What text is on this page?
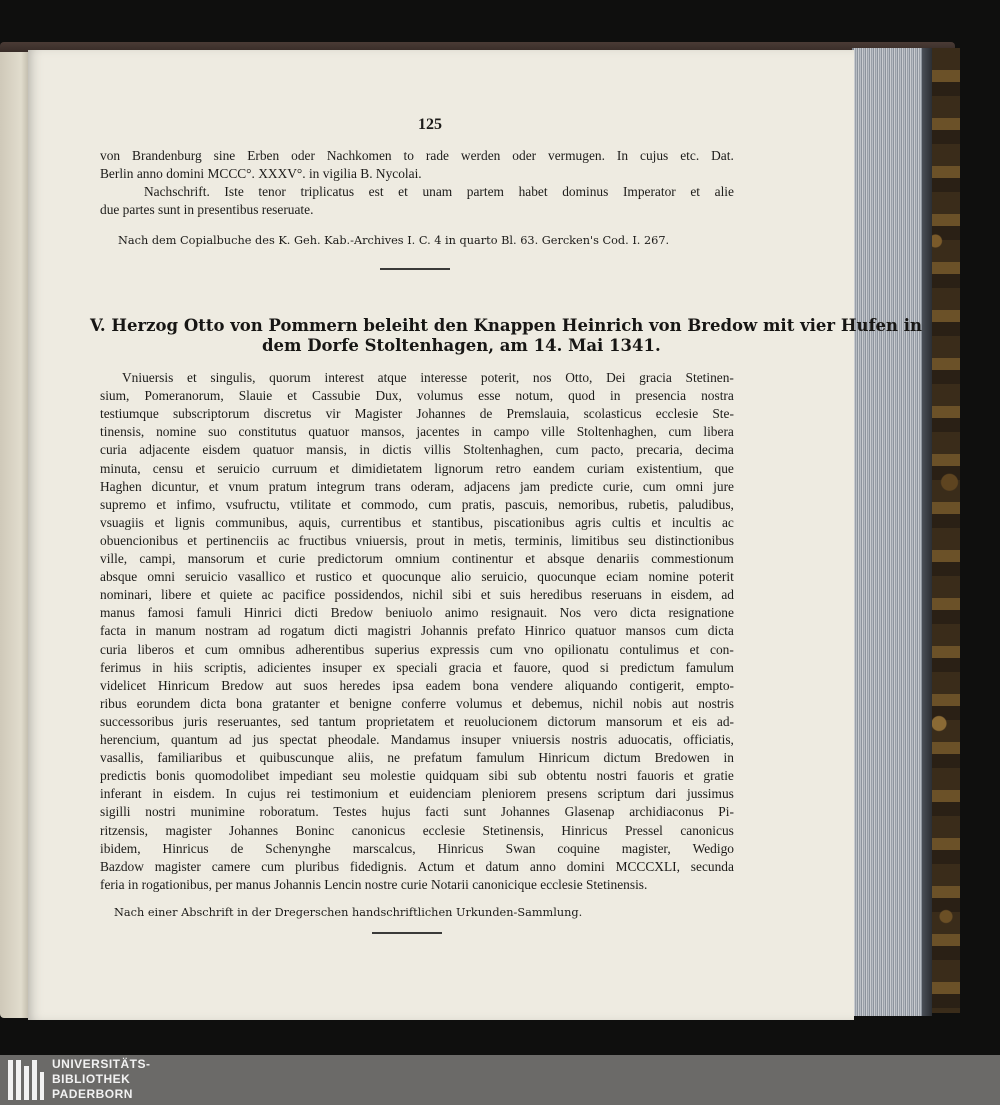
125
von Brandenburg sine Erben oder Nachkomen to rade werden oder vermugen. In cujus etc. Dat.
Berlin anno domini MCCC°. XXXV°. in vigilia B. Nycolai.
Nachschrift. Iste tenor triplicatus est et unam partem habet dominus Imperator et alie
due partes sunt in presentibus reseruate.
Nach dem Copialbuche des K. Geh. Kab.-Archives I. C. 4 in quarto Bl. 63. Gercken's Cod. I. 267.
V. Herzog Otto von Pommern beleiht den Knappen Heinrich von Bredow mit vier Hufen in
dem Dorfe Stoltenhagen, am 14. Mai 1341.
Vniuersis et singulis, quorum interest atque interesse poterit, nos Otto, Dei gracia Stetinen-
sium, Pomeranorum, Slauie et Cassubie Dux, volumus esse notum, quod in presencia nostra
testiumque subscriptorum discretus vir Magister Johannes de Premslauia, scolasticus ecclesie Ste-
tinensis, nomine suo constitutus quatuor mansos, jacentes in campo ville Stoltenhaghen, cum libera
curia adjacente eisdem quatuor mansis, in dictis villis Stoltenhaghen, cum pacto, precaria, decima
minuta, censu et seruicio curruum et dimidietatem lignorum retro eandem curiam existentium, que
Haghen dicuntur, et vnum pratum integrum trans oderam, adjacens jam predicte curie, cum omni jure
supremo et infimo, vsufructu, vtilitate et commodo, cum pratis, pascuis, nemoribus, rubetis, paludibus,
vsuagiis et lignis communibus, aquis, currentibus et stantibus, piscationibus agris cultis et incultis ac
obuencionibus et pertinenciis ac fructibus vniuersis, prout in metis, terminis, limitibus seu distinctionibus
ville, campi, mansorum et curie predictorum omnium continentur et absque denariis commestionum
absque omni seruicio vasallico et rustico et quocunque alio seruicio, quocunque eciam nomine poterit
nominari, libere et quiete ac pacifice possidendos, nichil sibi et suis heredibus reseruans in eisdem, ad
manus famosi famuli Hinrici dicti Bredow beniuolo animo resignauit. Nos vero dicta resignatione
facta in manum nostram ad rogatum dicti magistri Johannis prefato Hinrico quatuor mansos cum dicta
curia liberos et cum omnibus adherentibus superius expressis cum vno opilionatu contulimus et con-
ferimus in hiis scriptis, adicientes insuper ex speciali gracia et fauore, quod si predictum famulum
videlicet Hinricum Bredow aut suos heredes ipsa eadem bona vendere aliquando contigerit, empto-
ribus eorundem dicta bona gratanter et benigne conferre volumus et debemus, nichil nobis aut nostris
successoribus juris reseruantes, sed tantum proprietatem et reuolucionem dictorum mansorum et eis ad-
herencium, quantum ad jus spectat pheodale. Mandamus insuper vniuersis nostris aduocatis, officiatis,
vasallis, familiaribus et quibuscunque aliis, ne prefatum famulum Hinricum dictum Bredowen in
predictis bonis quomodolibet impediant seu molestie quidquam sibi sub obtentu nostri fauoris et gratie
inferant in eisdem. In cujus rei testimonium et euidenciam pleniorem presens scriptum dari jussimus
sigilli nostri munimine roboratum. Testes hujus facti sunt Johannes Glasenap archidiaconus Pi-
ritzensis, magister Johannes Boninc canonicus ecclesie Stetinensis, Hinricus Pressel canonicus
ibidem, Hinricus de Schenynghe marscalcus, Hinricus Swan coquine magister, Wedigo
Bazdow magister camere cum pluribus fidedignis. Actum et datum anno domini MCCCXLI, secunda
feria in rogationibus, per manus Johannis Lencin nostre curie Notarii canonicique ecclesie Stetinensis.
Nach einer Abschrift in der Dregerschen handschriftlichen Urkunden-Sammlung.
UNIVERSITÄTS-
BIBLIOTHEK
PADERBORN
